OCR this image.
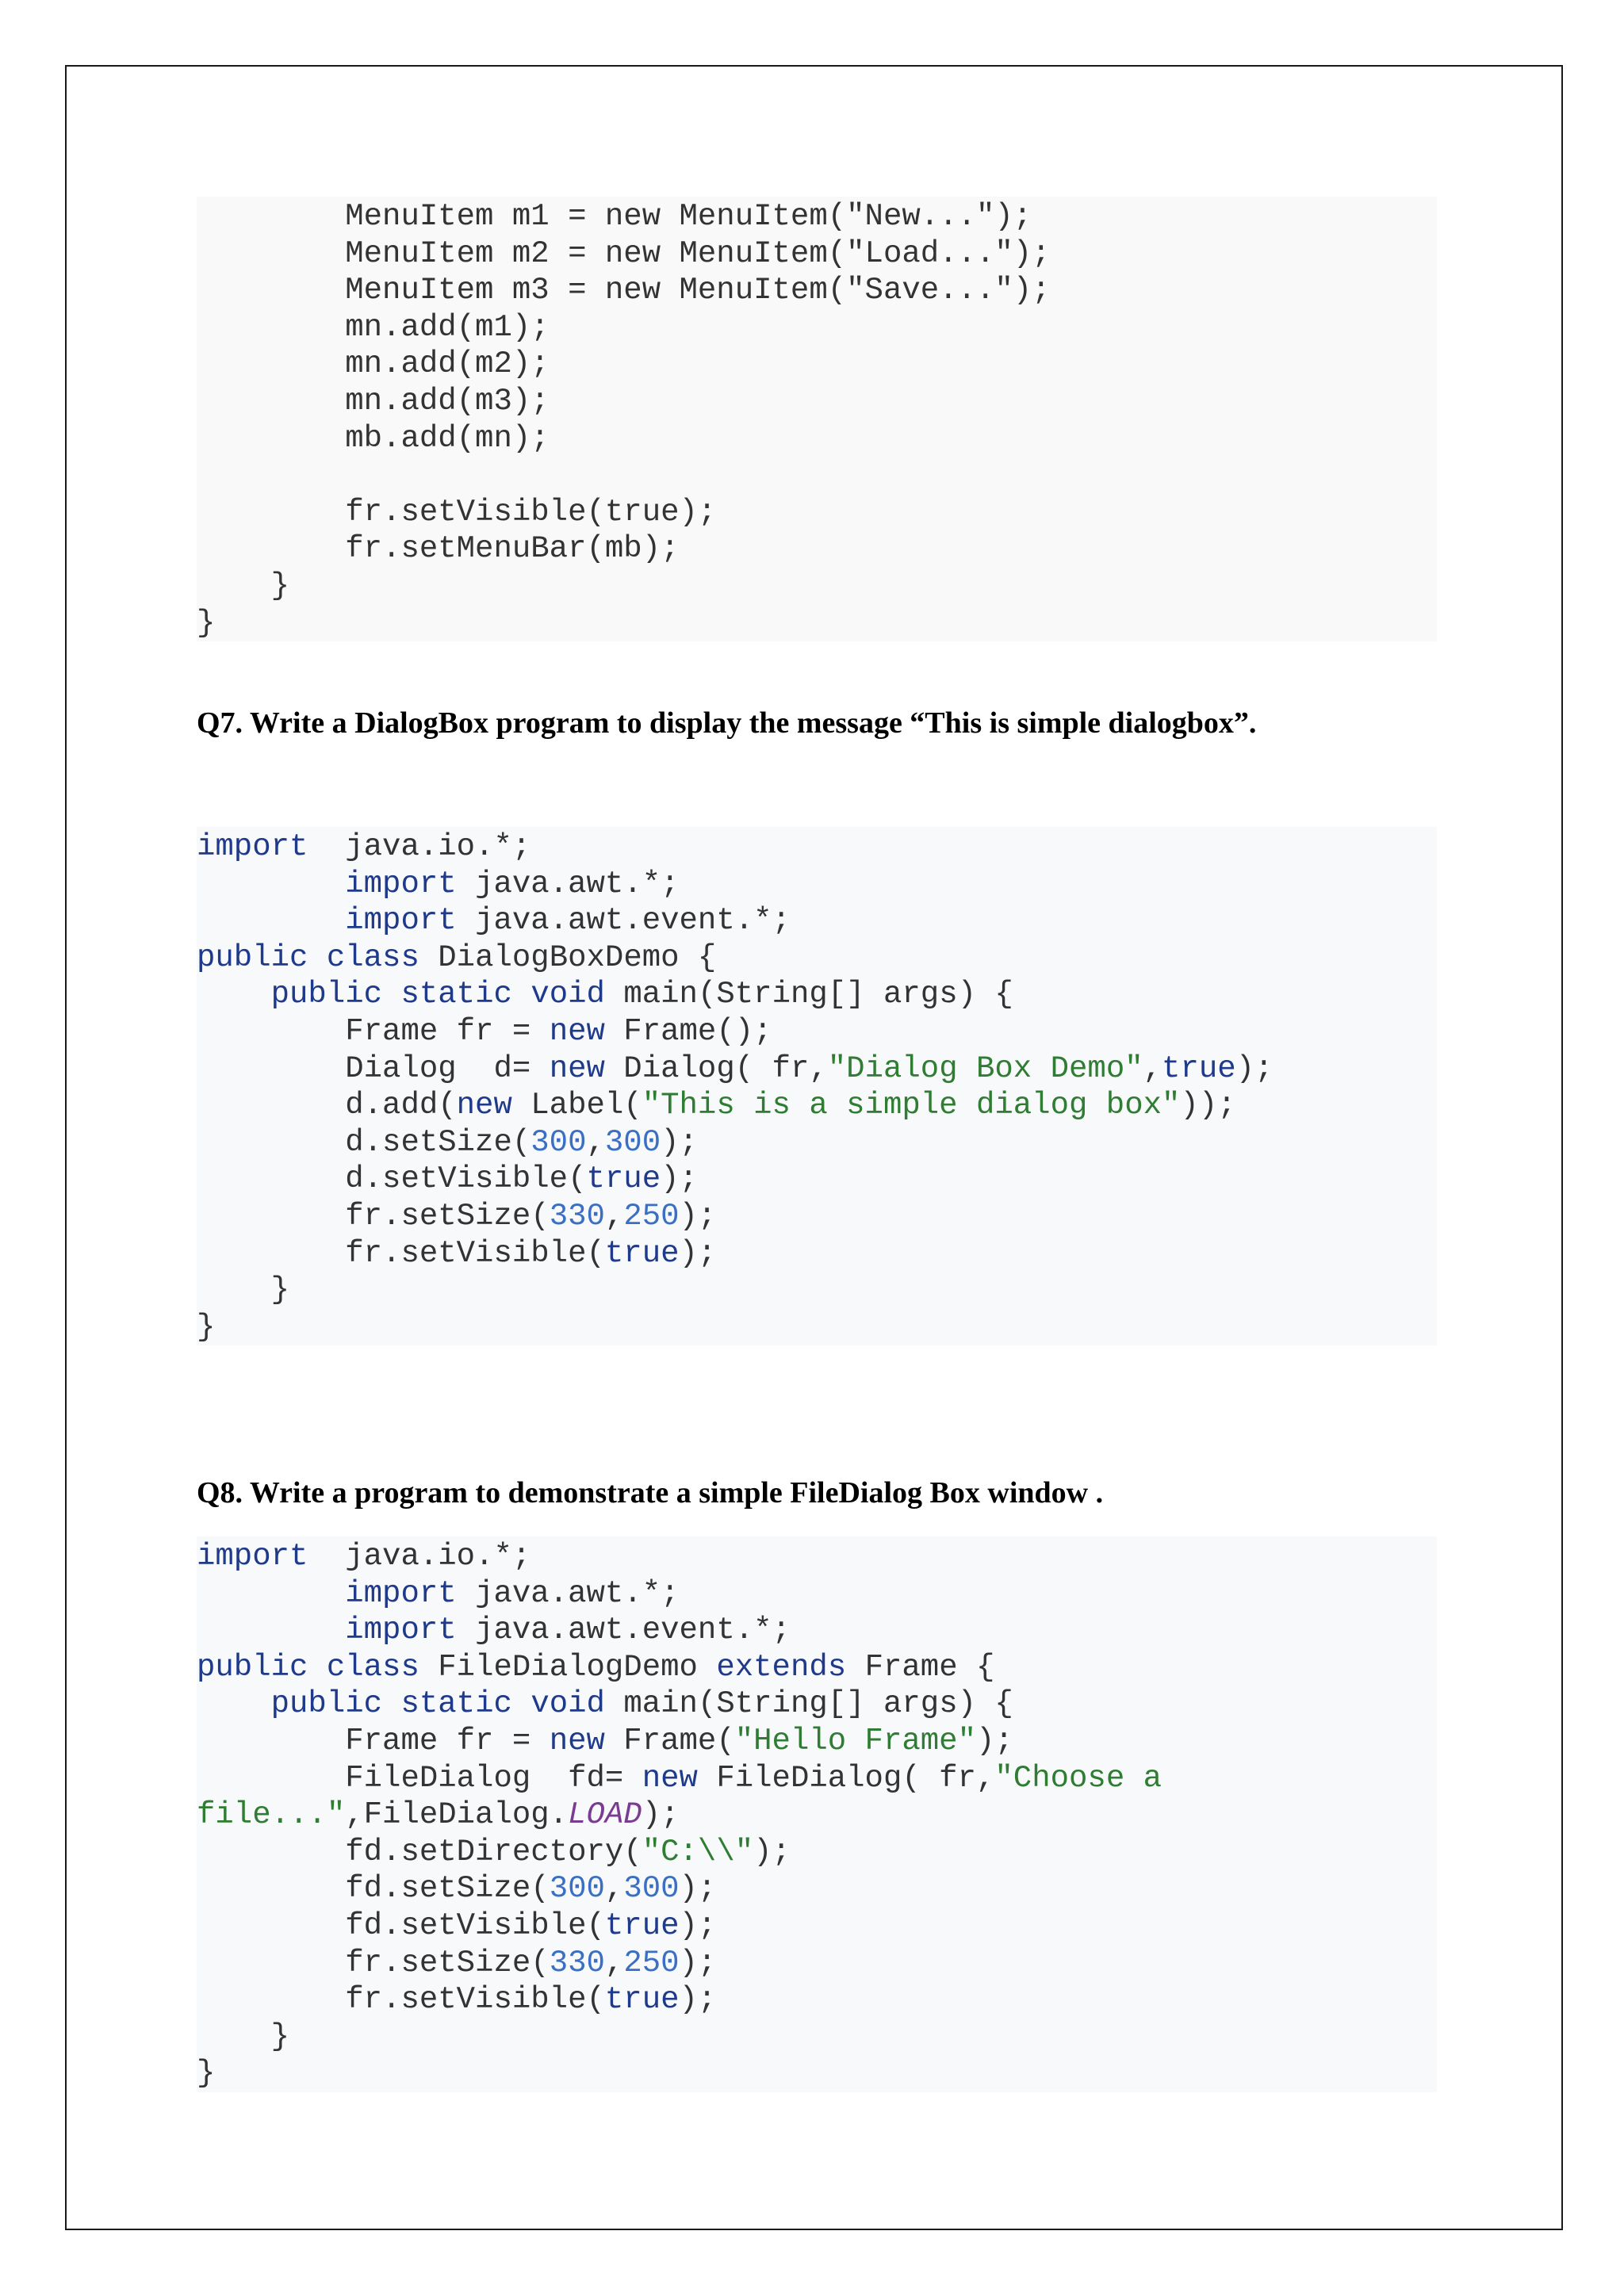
MenuItem m1 = new MenuItem("New...");
MenuItem m2 = new MenuItem("Load...");
MenuItem m3 = new MenuItem("Save...");
mn.add(m1);
mn.add(m2);
mn.add(m3);
mb.add(mn);
fr.setVisible(true);
fr.setMenuBar(mb);
}
}
Q7. Write a DialogBox program to display the message “This is simple dialogbox”.
import  java.io.*;
import java.awt.*;
import java.awt.event.*;
public class DialogBoxDemo {
public static void main(String[] args) {
Frame fr = new Frame();
Dialog  d= new Dialog( fr,"Dialog Box Demo",true);
d.add(new Label("This is a simple dialog box"));
d.setSize(300,300);
d.setVisible(true);
fr.setSize(330,250);
fr.setVisible(true);
}
}
Q8. Write a program to demonstrate a simple FileDialog Box window .
import  java.io.*;
import java.awt.*;
import java.awt.event.*;
public class FileDialogDemo extends Frame {
public static void main(String[] args) {
Frame fr = new Frame("Hello Frame");
FileDialog  fd= new FileDialog( fr,"Choose a
file...",FileDialog.LOAD);
fd.setDirectory("C:\\");
fd.setSize(300,300);
fd.setVisible(true);
fr.setSize(330,250);
fr.setVisible(true);
}
}
